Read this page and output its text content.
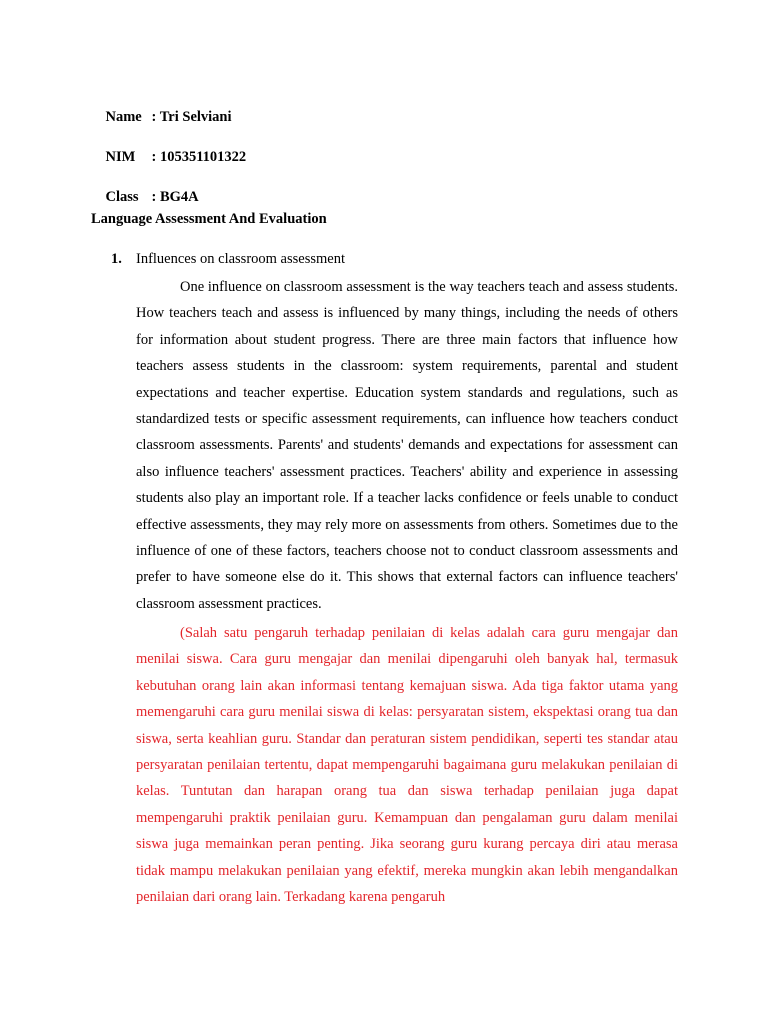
Name : Tri Selviani

NIM : 105351101322

Class : BG4A

Language Assessment And Evaluation
1. Influences on classroom assessment

One influence on classroom assessment is the way teachers teach and assess students. How teachers teach and assess is influenced by many things, including the needs of others for information about student progress. There are three main factors that influence how teachers assess students in the classroom: system requirements, parental and student expectations and teacher expertise. Education system standards and regulations, such as standardized tests or specific assessment requirements, can influence how teachers conduct classroom assessments. Parents' and students' demands and expectations for assessment can also influence teachers' assessment practices. Teachers' ability and experience in assessing students also play an important role. If a teacher lacks confidence or feels unable to conduct effective assessments, they may rely more on assessments from others. Sometimes due to the influence of one of these factors, teachers choose not to conduct classroom assessments and prefer to have someone else do it. This shows that external factors can influence teachers' classroom assessment practices.

(Salah satu pengaruh terhadap penilaian di kelas adalah cara guru mengajar dan menilai siswa. Cara guru mengajar dan menilai dipengaruhi oleh banyak hal, termasuk kebutuhan orang lain akan informasi tentang kemajuan siswa. Ada tiga faktor utama yang memengaruhi cara guru menilai siswa di kelas: persyaratan sistem, ekspektasi orang tua dan siswa, serta keahlian guru. Standar dan peraturan sistem pendidikan, seperti tes standar atau persyaratan penilaian tertentu, dapat mempengaruhi bagaimana guru melakukan penilaian di kelas. Tuntutan dan harapan orang tua dan siswa terhadap penilaian juga dapat mempengaruhi praktik penilaian guru. Kemampuan dan pengalaman guru dalam menilai siswa juga memainkan peran penting. Jika seorang guru kurang percaya diri atau merasa tidak mampu melakukan penilaian yang efektif, mereka mungkin akan lebih mengandalkan penilaian dari orang lain. Terkadang karena pengaruh
